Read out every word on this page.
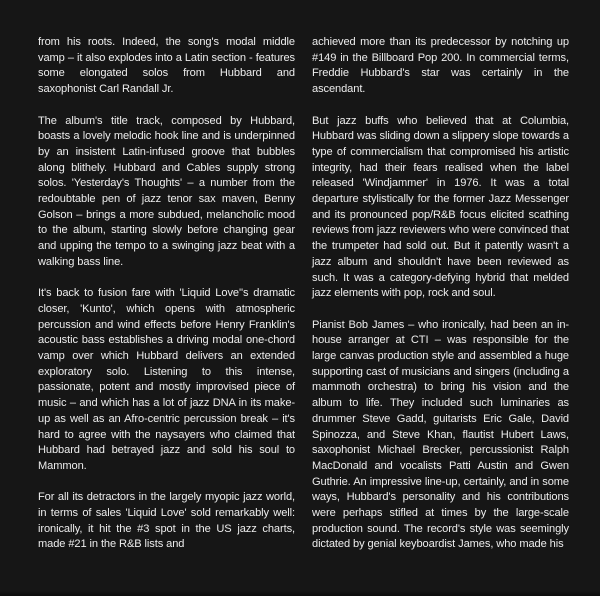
from his roots. Indeed, the song's modal middle vamp – it also explodes into a Latin section - features some elongated solos from Hubbard and saxophonist Carl Randall Jr.

The album's title track, composed by Hubbard, boasts a lovely melodic hook line and is underpinned by an insistent Latin-infused groove that bubbles along blithely. Hubbard and Cables supply strong solos. 'Yesterday's Thoughts' – a number from the redoubtable pen of jazz tenor sax maven, Benny Golson – brings a more subdued, melancholic mood to the album, starting slowly before changing gear and upping the tempo to a swinging jazz beat with a walking bass line.

It's back to fusion fare with 'Liquid Love''s dramatic closer, 'Kunto', which opens with atmospheric percussion and wind effects before Henry Franklin's acoustic bass establishes a driving modal one-chord vamp over which Hubbard delivers an extended exploratory solo. Listening to this intense, passionate, potent and mostly improvised piece of music – and which has a lot of jazz DNA in its make-up as well as an Afro-centric percussion break – it's hard to agree with the naysayers who claimed that Hubbard had betrayed jazz and sold his soul to Mammon.

For all its detractors in the largely myopic jazz world, in terms of sales 'Liquid Love' sold remarkably well: ironically, it hit the #3 spot in the US jazz charts, made #21 in the R&B lists and

achieved more than its predecessor by notching up #149 in the Billboard Pop 200. In commercial terms, Freddie Hubbard's star was certainly in the ascendant.

But jazz buffs who believed that at Columbia, Hubbard was sliding down a slippery slope towards a type of commercialism that compromised his artistic integrity, had their fears realised when the label released 'Windjammer' in 1976. It was a total departure stylistically for the former Jazz Messenger and its pronounced pop/R&B focus elicited scathing reviews from jazz reviewers who were convinced that the trumpeter had sold out. But it patently wasn't a jazz album and shouldn't have been reviewed as such. It was a category-defying hybrid that melded jazz elements with pop, rock and soul.

Pianist Bob James – who ironically, had been an in-house arranger at CTI – was responsible for the large canvas production style and assembled a huge supporting cast of musicians and singers (including a mammoth orchestra) to bring his vision and the album to life. They included such luminaries as drummer Steve Gadd, guitarists Eric Gale, David Spinozza, and Steve Khan, flautist Hubert Laws, saxophonist Michael Brecker, percussionist Ralph MacDonald and vocalists Patti Austin and Gwen Guthrie. An impressive line-up, certainly, and in some ways, Hubbard's personality and his contributions were perhaps stifled at times by the large-scale production sound. The record's style was seemingly dictated by genial keyboardist James, who made his
